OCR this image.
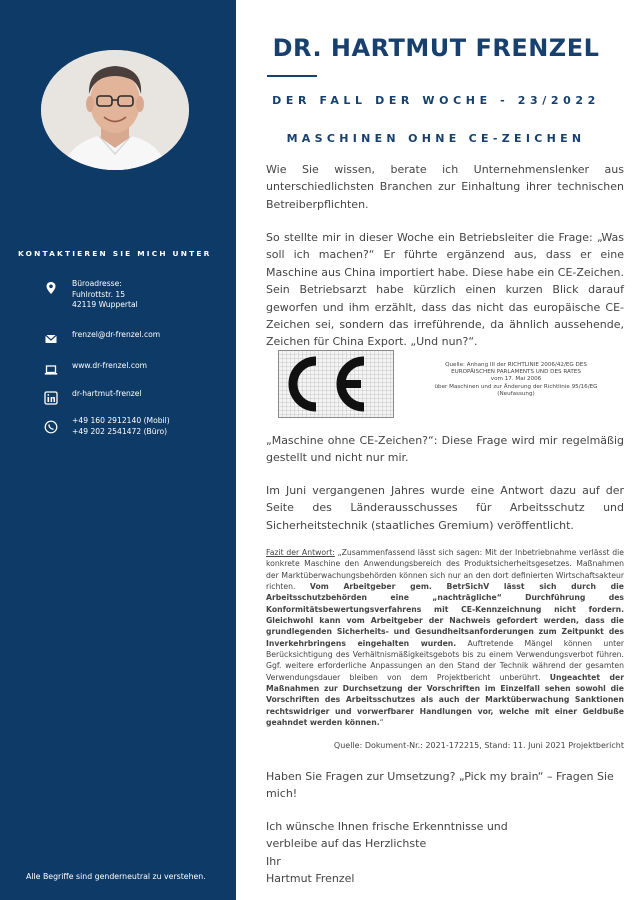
KONTAKTIEREN SIE MICH UNTER
Büroadresse:
Fuhlrottstr. 15
42119 Wuppertal
frenzel@dr-frenzel.com
www.dr-frenzel.com
dr-hartmut-frenzel
+49 160 2912140 (Mobil)
+49 202 2541472 (Büro)
Alle Begriffe sind genderneutral zu verstehen.
DR. HARTMUT FRENZEL
DER FALL DER WOCHE - 23/2022
MASCHINEN OHNE CE-ZEICHEN
Wie Sie wissen, berate ich Unternehmenslenker aus unterschiedlichsten Branchen zur Einhaltung ihrer technischen Betreiberpflichten.
So stellte mir in dieser Woche ein Betriebsleiter die Frage: „Was soll ich machen?“ Er führte ergänzend aus, dass er eine Maschine aus China importiert habe. Diese habe ein CE-Zeichen. Sein Betriebsarzt habe kürzlich einen kurzen Blick darauf geworfen und ihm erzählt, dass das nicht das europäische CE-Zeichen sei, sondern das irreführende, da ähnlich aussehende, Zeichen für China Export. „Und nun?“.
Quelle: Anhang III der RICHTLINIE 2006/42/EG DES
EUROPÄISCHEN PARLAMENTS UND DES RATES
vom 17. Mai 2006
über Maschinen und zur Änderung der Richtlinie 95/16/EG
(Neufassung)
„Maschine ohne CE-Zeichen?“: Diese Frage wird mir regelmäßig gestellt und nicht nur mir.
Im Juni vergangenen Jahres wurde eine Antwort dazu auf der Seite des Länderausschusses für Arbeitsschutz und Sicherheitstechnik (staatliches Gremium) veröffentlicht.
Fazit der Antwort: „Zusammenfassend lässt sich sagen: Mit der Inbetriebnahme verlässt die konkrete Maschine den Anwendungsbereich des Produktsicherheitsgesetzes. Maßnahmen der Marktüberwachungsbehörden können sich nur an den dort definierten Wirtschaftsakteur richten. Vom Arbeitgeber gem. BetrSichV lässt sich durch die Arbeitsschutzbehörden eine „nachträgliche“ Durchführung des Konformitätsbewertungsverfahrens mit CE-Kennzeichnung nicht fordern. Gleichwohl kann vom Arbeitgeber der Nachweis gefordert werden, dass die grundlegenden Sicherheits- und Gesundheitsanforderungen zum Zeitpunkt des Inverkehrbringens eingehalten wurden. Auftretende Mängel können unter Berücksichtigung des Verhältnismäßigkeitsgebots bis zu einem Verwendungsverbot führen. Ggf. weitere erforderliche Anpassungen an den Stand der Technik während der gesamten Verwendungsdauer bleiben von dem Projektbericht unberührt. Ungeachtet der Maßnahmen zur Durchsetzung der Vorschriften im Einzelfall sehen sowohl die Vorschriften des Arbeitsschutzes als auch der Marktüberwachung Sanktionen rechtswidriger und vorwerfbarer Handlungen vor, welche mit einer Geldbuße geahndet werden können.“
Quelle: Dokument-Nr.: 2021-172215, Stand: 11. Juni 2021 Projektbericht
Haben Sie Fragen zur Umsetzung? „Pick my brain“ – Fragen Sie mich!
Ich wünsche Ihnen frische Erkenntnisse und
verbleibe auf das Herzlichste
Ihr
Hartmut Frenzel
